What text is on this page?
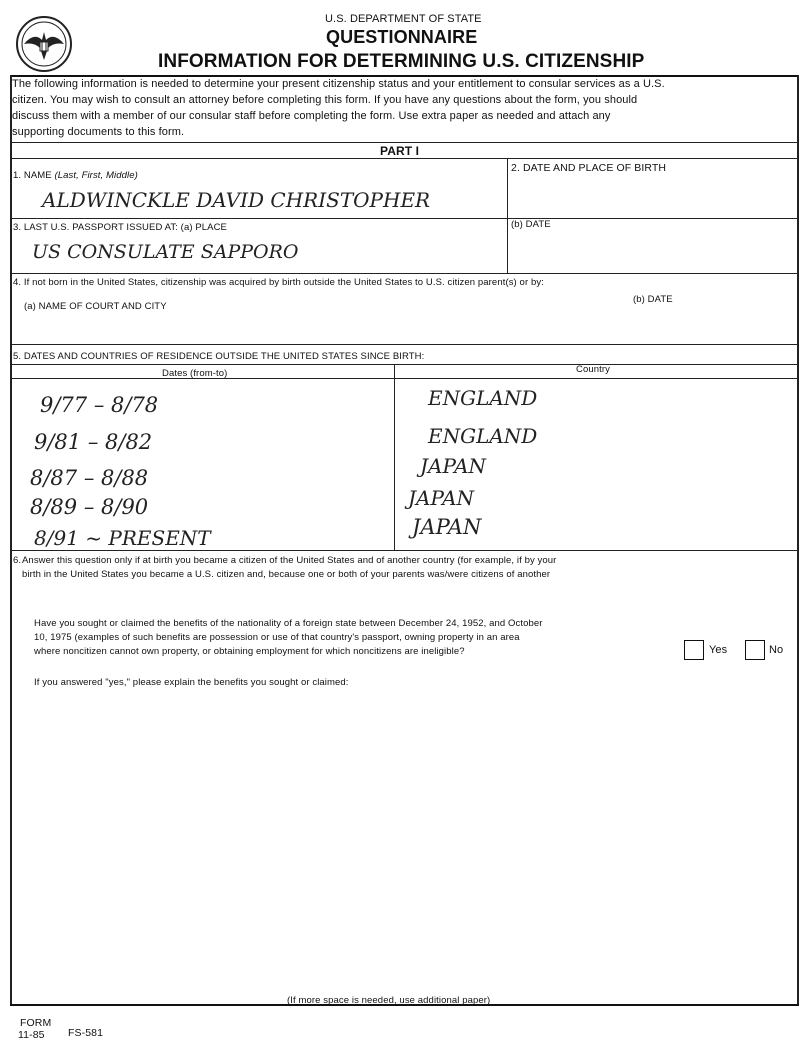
U.S. DEPARTMENT OF STATE
QUESTIONNAIRE
INFORMATION FOR DETERMINING U.S. CITIZENSHIP
The following information is needed to determine your present citizenship status and your entitlement to consular services as a U.S.
citizen. You may wish to consult an attorney before completing this form. If you have any questions about the form, you should
discuss them with a member of our consular staff before completing the form. Use extra paper as needed and attach any
supporting documents to this form.
PART I
1. NAME (Last, First, Middle)
ALDWINCKLE DAVID CHRISTOPHER
2. DATE AND PLACE OF BIRTH
3. LAST U.S. PASSPORT ISSUED AT: (a) PLACE	(b) DATE
US CONSULATE SAPPORO
4. If not born in the United States, citizenship was acquired by birth outside the United States to U.S. citizen parent(s) or by:
(a) NAME OF COURT AND CITY
(b) DATE
5. DATES AND COUNTRIES OF RESIDENCE OUTSIDE THE UNITED STATES SINCE BIRTH:
Dates (from-to)	Country
9/77 – 8/78	ENGLAND
9/81 – 8/82	ENGLAND
8/87 – 8/88	JAPAN
8/89 – 8/90	JAPAN
8/91 ~ PRESENT	JAPAN
6. Answer this question only if at birth you became a citizen of the United States and of another country (for example, if by your
birth in the United States you became a U.S. citizen and, because one or both of your parents was/were citizens of another
Have you sought or claimed the benefits of the nationality of a foreign state between December 24, 1952, and October
10, 1975 (examples of such benefits are possession or use of that country's passport, owning property in an area
where noncitizen cannot own property, or obtaining employment for which noncitizens are ineligible?	Yes	No
If you answered "yes," please explain the benefits you sought or claimed:
(If more space is needed, use additional paper)
FORM
11-85 FS-581
